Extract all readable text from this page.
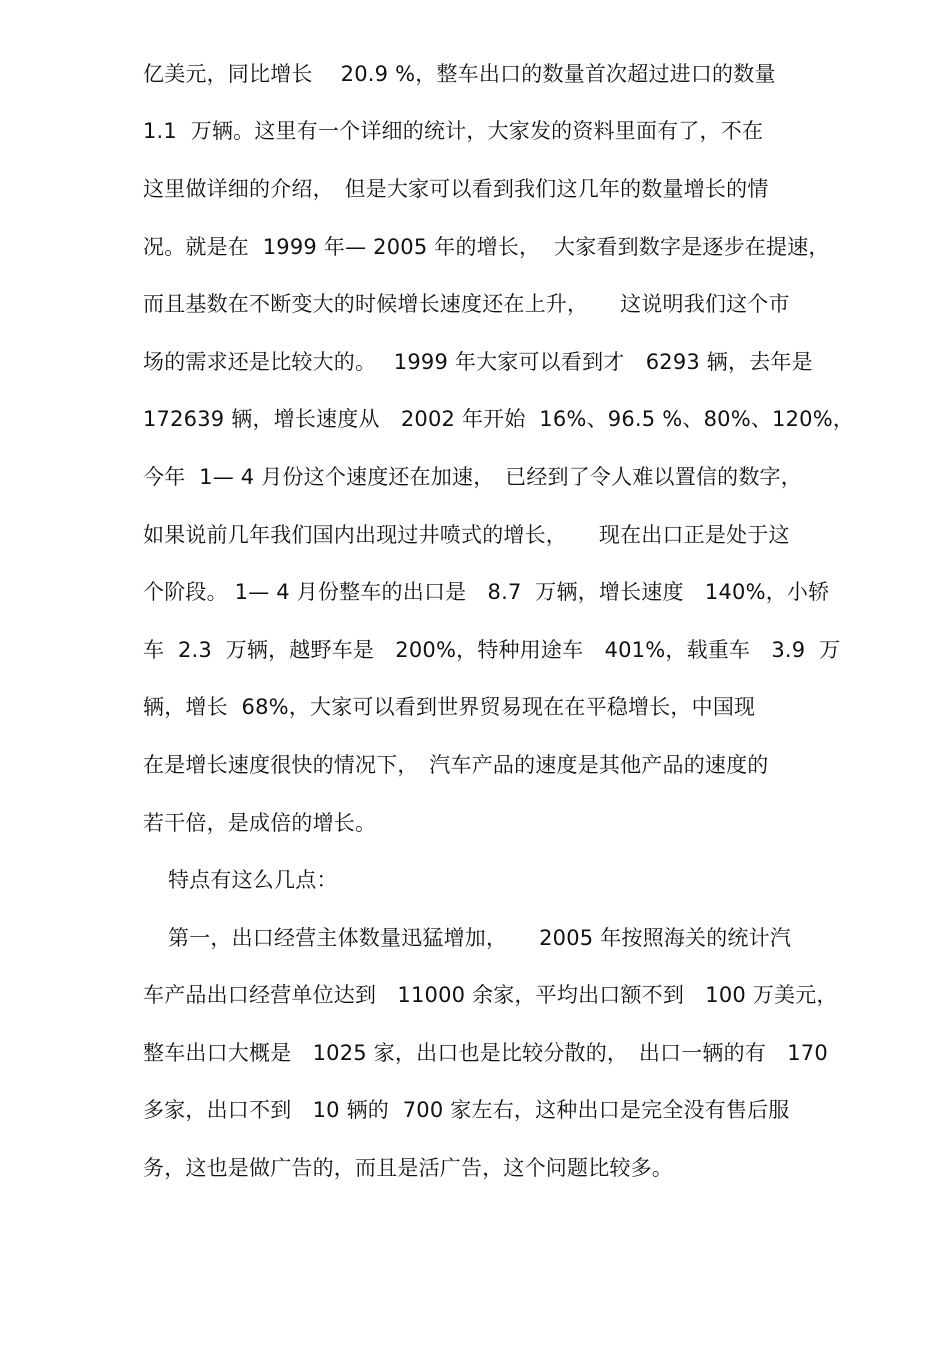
亿美元，同比增长　 20.9 %，整车出口的数量首次超过进口的数量
1.1  万辆。这里有一个详细的统计，大家发的资料里面有了，不在
这里做详细的介绍，　但是大家可以看到我们这几年的数量增长的情
况。就是在  1999 年— 2005 年的增长，  大家看到数字是逐步在提速，
而且基数在不断变大的时候增长速度还在上升，　　这说明我们这个市
场的需求还是比较大的。　 1999 年大家可以看到才　6293 辆，去年是
172639 辆，增长速度从　2002 年开始  16%、96.5 %、80%、120%，
今年  1— 4 月份这个速度还在加速，　已经到了令人难以置信的数字，
如果说前几年我们国内出现过井喷式的增长，　　现在出口正是处于这
个阶段。 1— 4 月份整车的出口是　8.7  万辆，增长速度　140%，小轿
车  2.3  万辆，越野车是　200%，特种用途车　401%，载重车　3.9  万
辆，增长  68%，大家可以看到世界贸易现在在平稳增长，中国现
在是增长速度很快的情况下，　汽车产品的速度是其他产品的速度的
若干倍，是成倍的增长。
特点有这么几点：
第一，出口经营主体数量迅猛增加，　　2005 年按照海关的统计汽
车产品出口经营单位达到　11000 余家，平均出口额不到　100 万美元，
整车出口大概是　1025 家，出口也是比较分散的，　出口一辆的有　170
多家，出口不到　10 辆的  700 家左右，这种出口是完全没有售后服
务，这也是做广告的，而且是活广告，这个问题比较多。
